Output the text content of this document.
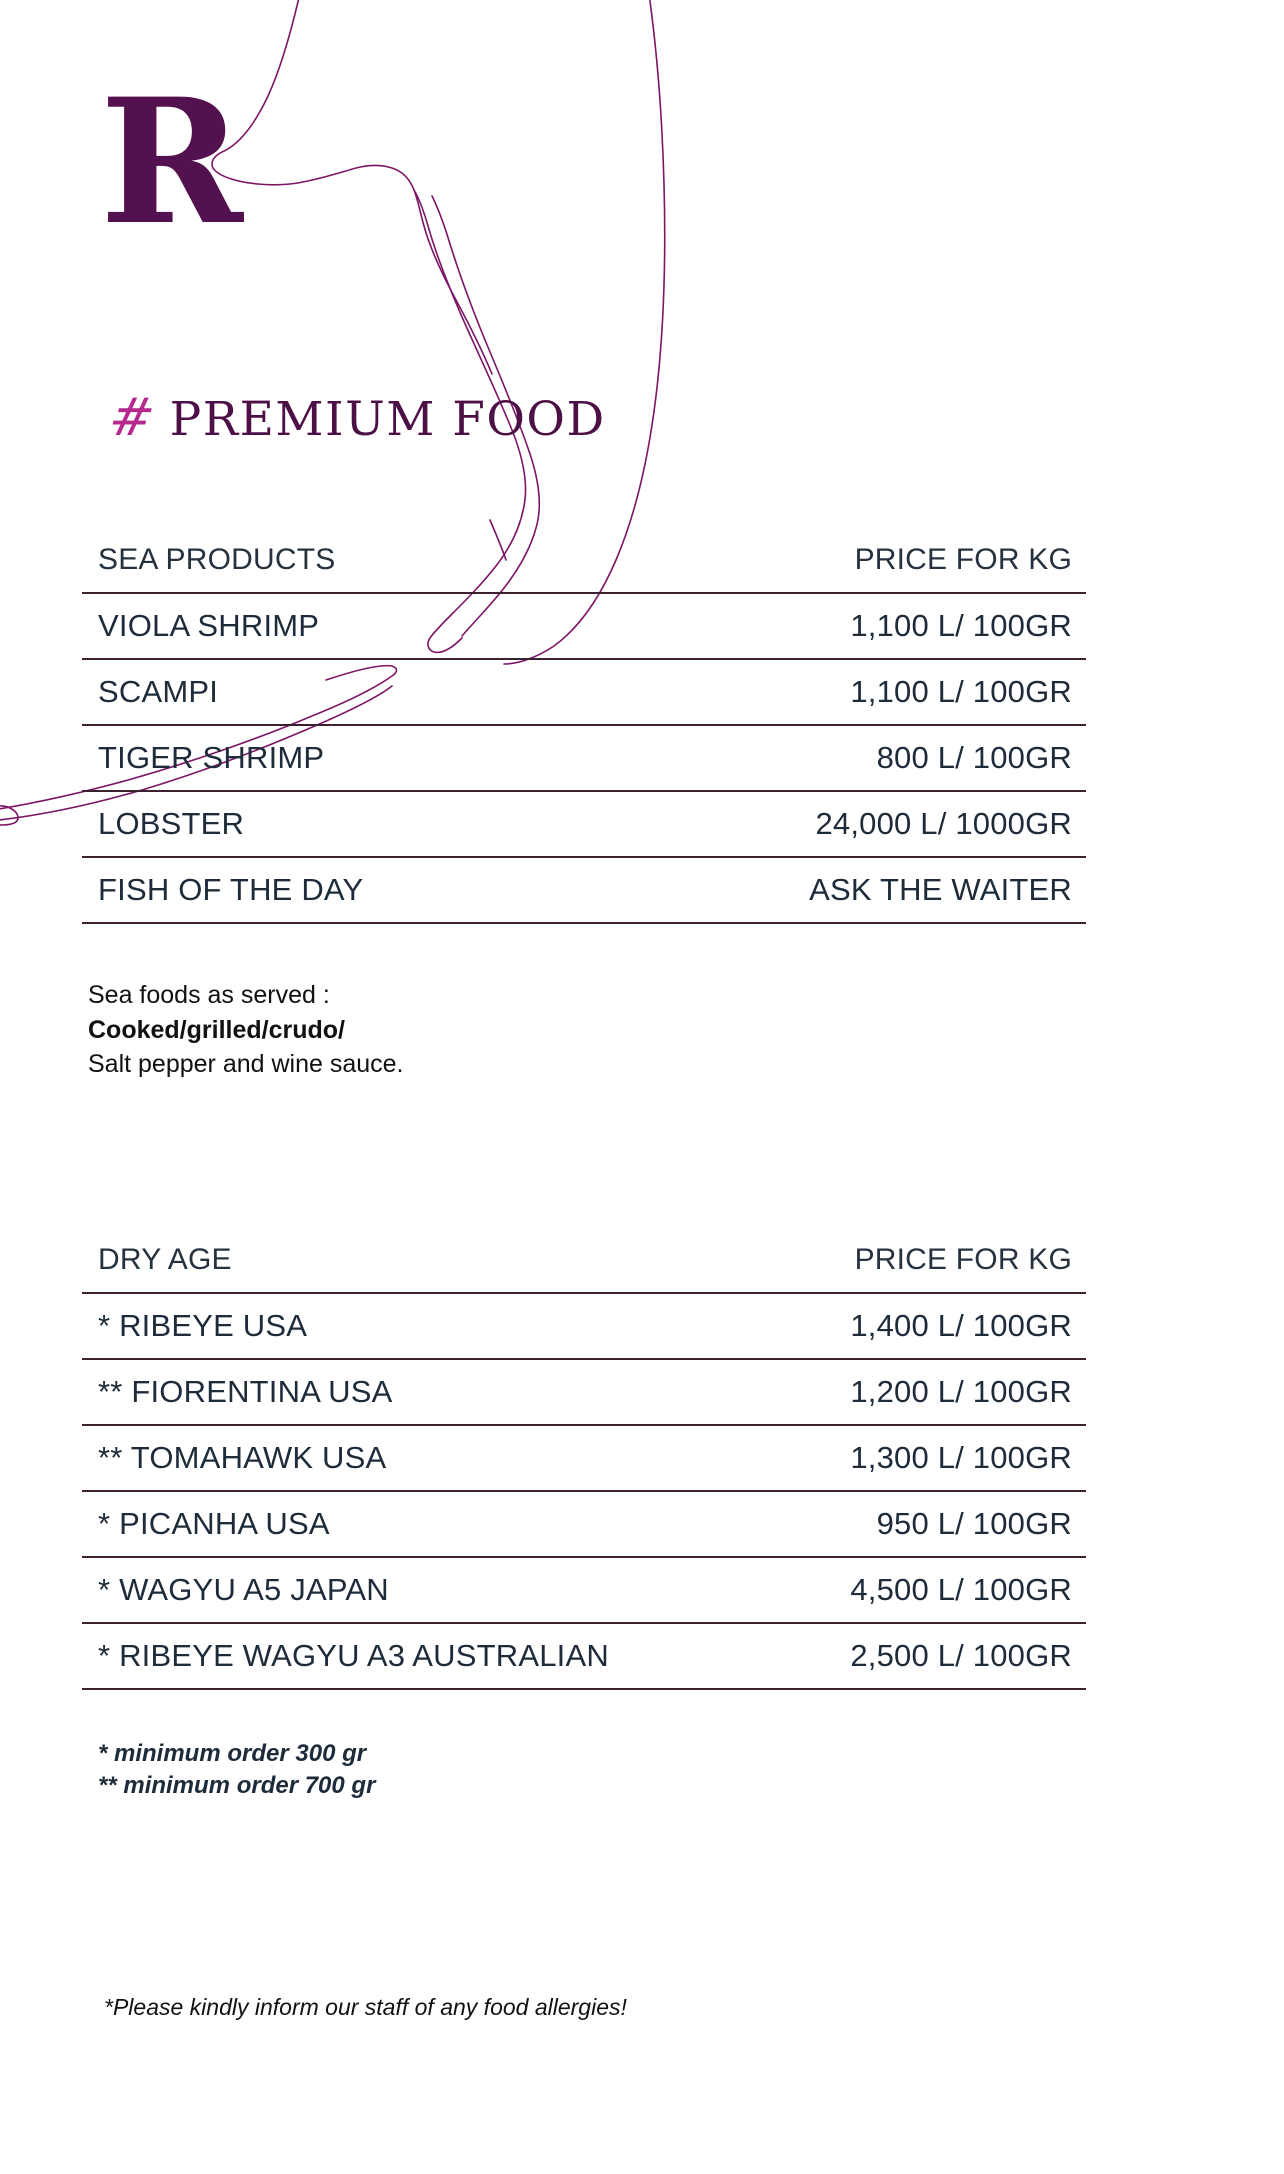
R
# PREMIUM FOOD
SEA PRODUCTS	PRICE FOR KG
VIOLA SHRIMP	1,100 L/ 100GR
SCAMPI	1,100 L/ 100GR
TIGER SHRIMP	800 L/ 100GR
LOBSTER	24,000 L/ 1000GR
FISH OF THE DAY	ASK THE WAITER
Sea foods as served :
Cooked/grilled/crudo/
Salt pepper and wine sauce.
DRY AGE	PRICE FOR KG
* RIBEYE USA	1,400 L/ 100GR
** FIORENTINA USA	1,200 L/ 100GR
** TOMAHAWK USA	1,300 L/ 100GR
* PICANHA USA	950 L/ 100GR
* WAGYU A5 JAPAN	4,500 L/ 100GR
* RIBEYE WAGYU A3 AUSTRALIAN	2,500 L/ 100GR
* minimum order 300 gr
** minimum order 700 gr
*Please kindly inform our staff of any food allergies!
